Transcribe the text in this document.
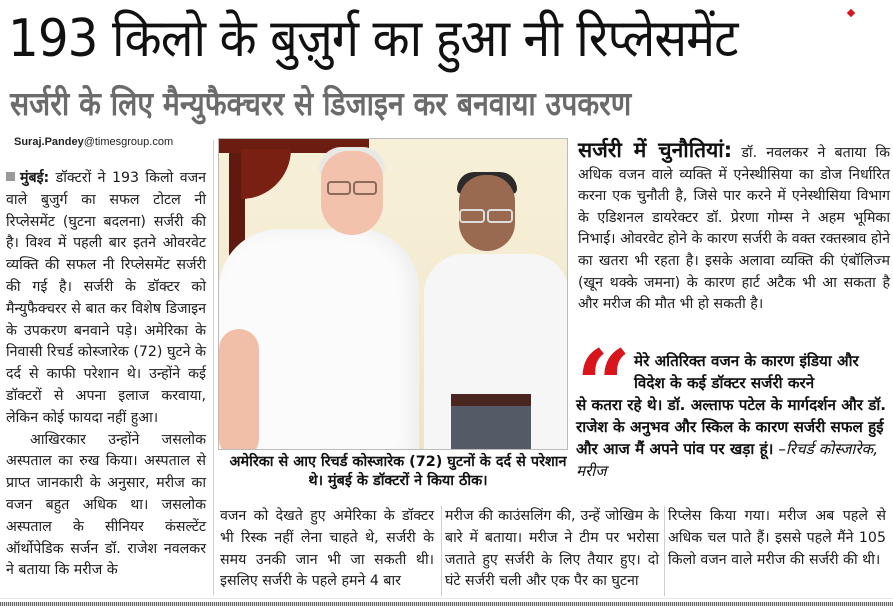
193 किलो के बुज़ुर्ग का हुआ नी रिप्लेसमेंट
सर्जरी के लिए मैन्युफैक्चरर से डिजाइन कर बनवाया उपकरण
Suraj.Pandey@timesgroup.com

मुंबई: डॉक्टरों ने 193 किलो वजन वाले बुजुर्ग का सफल टोटल नी रिप्लेसमेंट (घुटना बदलना) सर्जरी की है। विश्व में पहली बार इतने ओवरवेट व्यक्ति की सफल नी रिप्लेसमेंट सर्जरी की गई है। सर्जरी के डॉक्टर को मैन्युफैक्चरर से बात कर विशेष डिजाइन के उपकरण बनवाने पड़े। अमेरिका के निवासी रिचर्ड कोस्जारेक (72) घुटने के दर्द से काफी परेशान थे। उन्होंने कई डॉक्टरों से अपना इलाज करवाया, लेकिन कोई फायदा नहीं हुआ।

आखिरकार उन्होंने जसलोक अस्पताल का रुख किया। अस्पताल से प्राप्त जानकारी के अनुसार, मरीज का वजन बहुत अधिक था। जसलोक अस्पताल के सीनियर कंसल्टेंट ऑर्थोपेडिक सर्जन डॉ. राजेश नवलकर ने बताया कि मरीज के

अमेरिका से आए रिचर्ड कोस्जारेक (72) घुटनों के दर्द से परेशान थे। मुंबई के डॉक्टरों ने किया ठीक।
सर्जरी में चुनौतियां: डॉ. नवलकर ने बताया कि अधिक वजन वाले व्यक्ति में एनेस्थीसिया का डोज निर्धारित करना एक चुनौती है, जिसे पार करने में एनेस्थीसिया विभाग के एडिशनल डायरेक्टर डॉ. प्रेरणा गोम्स ने अहम भूमिका निभाई। ओवरवेट होने के कारण सर्जरी के वक्त रक्तस्त्राव होने का खतरा भी रहता है। इसके अलावा व्यक्ति की एंबॉलिज्म (खून थक्के जमना) के कारण हार्ट अटैक भी आ सकता है और मरीज की मौत भी हो सकती है।
“ मेरे अतिरिक्त वजन के कारण इंडिया और विदेश के कई डॉक्टर सर्जरी करने
से कतरा रहे थे। डॉ. अल्ताफ पटेल के मार्गदर्शन और डॉ. राजेश के अनुभव और स्किल के कारण सर्जरी सफल हुई और आज मैं अपने पांव पर खड़ा हूं। –रिचर्ड कोस्जारेक, मरीज
वजन को देखते हुए अमेरिका के डॉक्टर भी रिस्क नहीं लेना चाहते थे, सर्जरी के समय उनकी जान भी जा सकती थी। इसलिए सर्जरी के पहले हमने 4 बार
मरीज की काउंसलिंग की, उन्हें जोखिम के बारे में बताया। मरीज ने टीम पर भरोसा जताते हुए सर्जरी के लिए तैयार हुए। दो घंटे सर्जरी चली और एक पैर का घुटना
रिप्लेस किया गया। मरीज अब पहले से अधिक चल पाते हैं। इससे पहले मैंने 105 किलो वजन वाले मरीज की सर्जरी की थी।
